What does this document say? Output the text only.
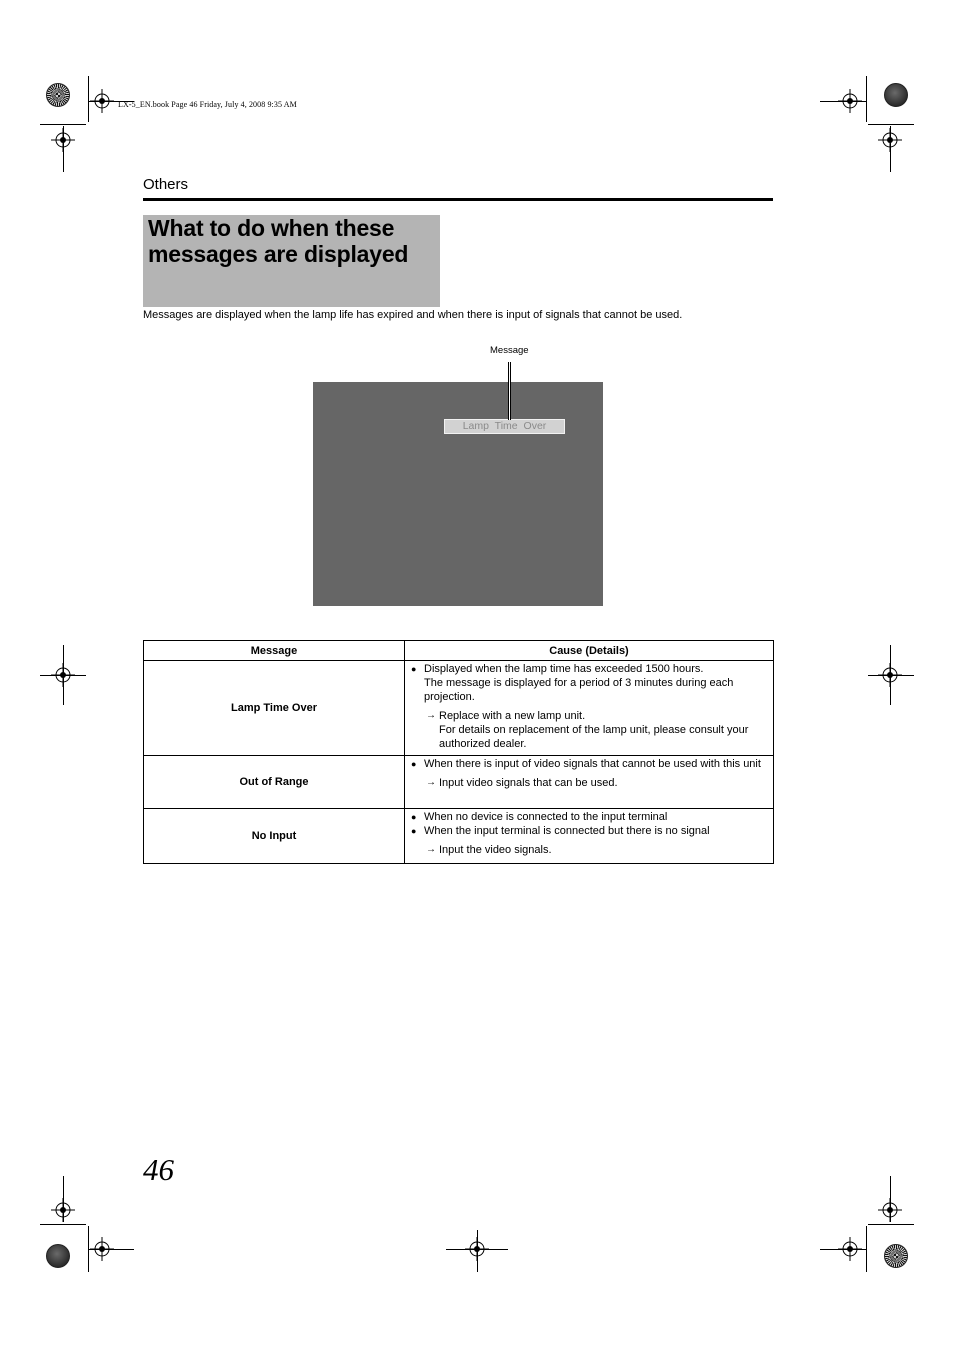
LX-5_EN.book Page 46 Friday, July 4, 2008 9:35 AM
Others
What to do when these
messages are displayed
Messages are displayed when the lamp life has expired and when there is input of signals that cannot be used.
Message
Lamp Time Over
Message	Cause (Details)
Lamp Time Over	● Displayed when the lamp time has exceeded 1500 hours.
The message is displayed for a period of 3 minutes during each projection.
→ Replace with a new lamp unit.
For details on replacement of the lamp unit, please consult your authorized dealer.

Out of Range	● When there is input of video signals that cannot be used with this unit
→ Input video signals that can be used.

No Input	● When no device is connected to the input terminal
● When the input terminal is connected but there is no signal
→ Input the video signals.
46
